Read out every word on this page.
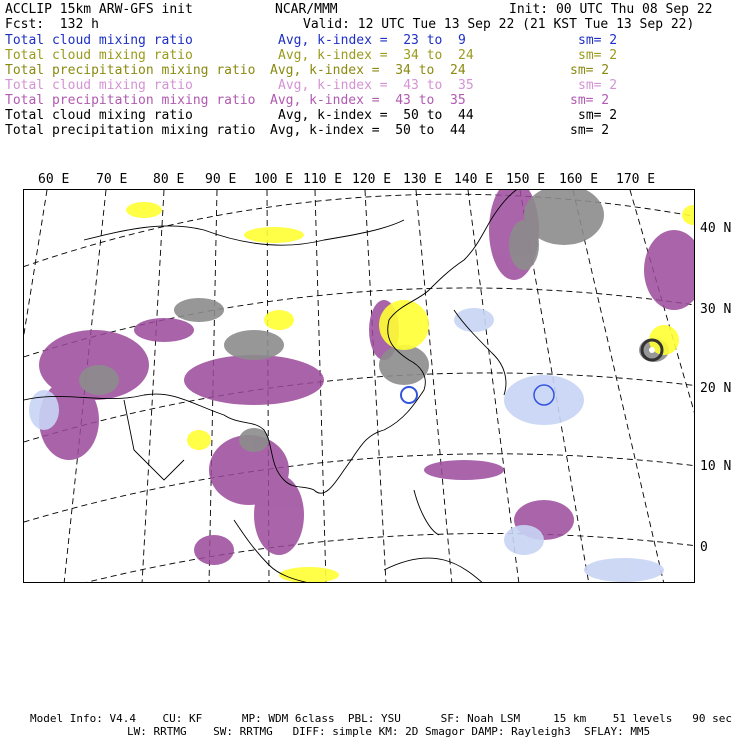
ACCLIP 15km ARW-GFS init	NCAR/MMM	Init: 00 UTC Thu 08 Sep 22
Fcst:  132 h	Valid: 12 UTC Tue 13 Sep 22 (21 KST Tue 13 Sep 22)
Total cloud mixing ratio	Avg, k-index =  23 to  9	sm= 2
Total cloud mixing ratio	Avg, k-index =  34 to  24	sm= 2
Total precipitation mixing ratio Avg, k-index =  34 to  24	sm= 2
Total cloud mixing ratio	Avg, k-index =  43 to  35	sm= 2
Total precipitation mixing ratio Avg, k-index =  43 to  35	sm= 2
Total cloud mixing ratio	Avg, k-index =  50 to  44	sm= 2
Total precipitation mixing ratio Avg, k-index =  50 to  44	sm= 2
60 E 70 E 80 E 90 E 100 E 110 E 120 E 130 E 140 E 150 E 160 E 170 E
40 N
30 N
20 N
10 N
0
Model Info: V4.4    CU: KF      MP: WDM 6class  PBL: YSU      SF: Noah LSM     15 km    51 levels   90 sec
LW: RRTMG    SW: RRTMG   DIFF: simple KM: 2D Smagor DAMP: Rayleigh3  SFLAY: MM5
